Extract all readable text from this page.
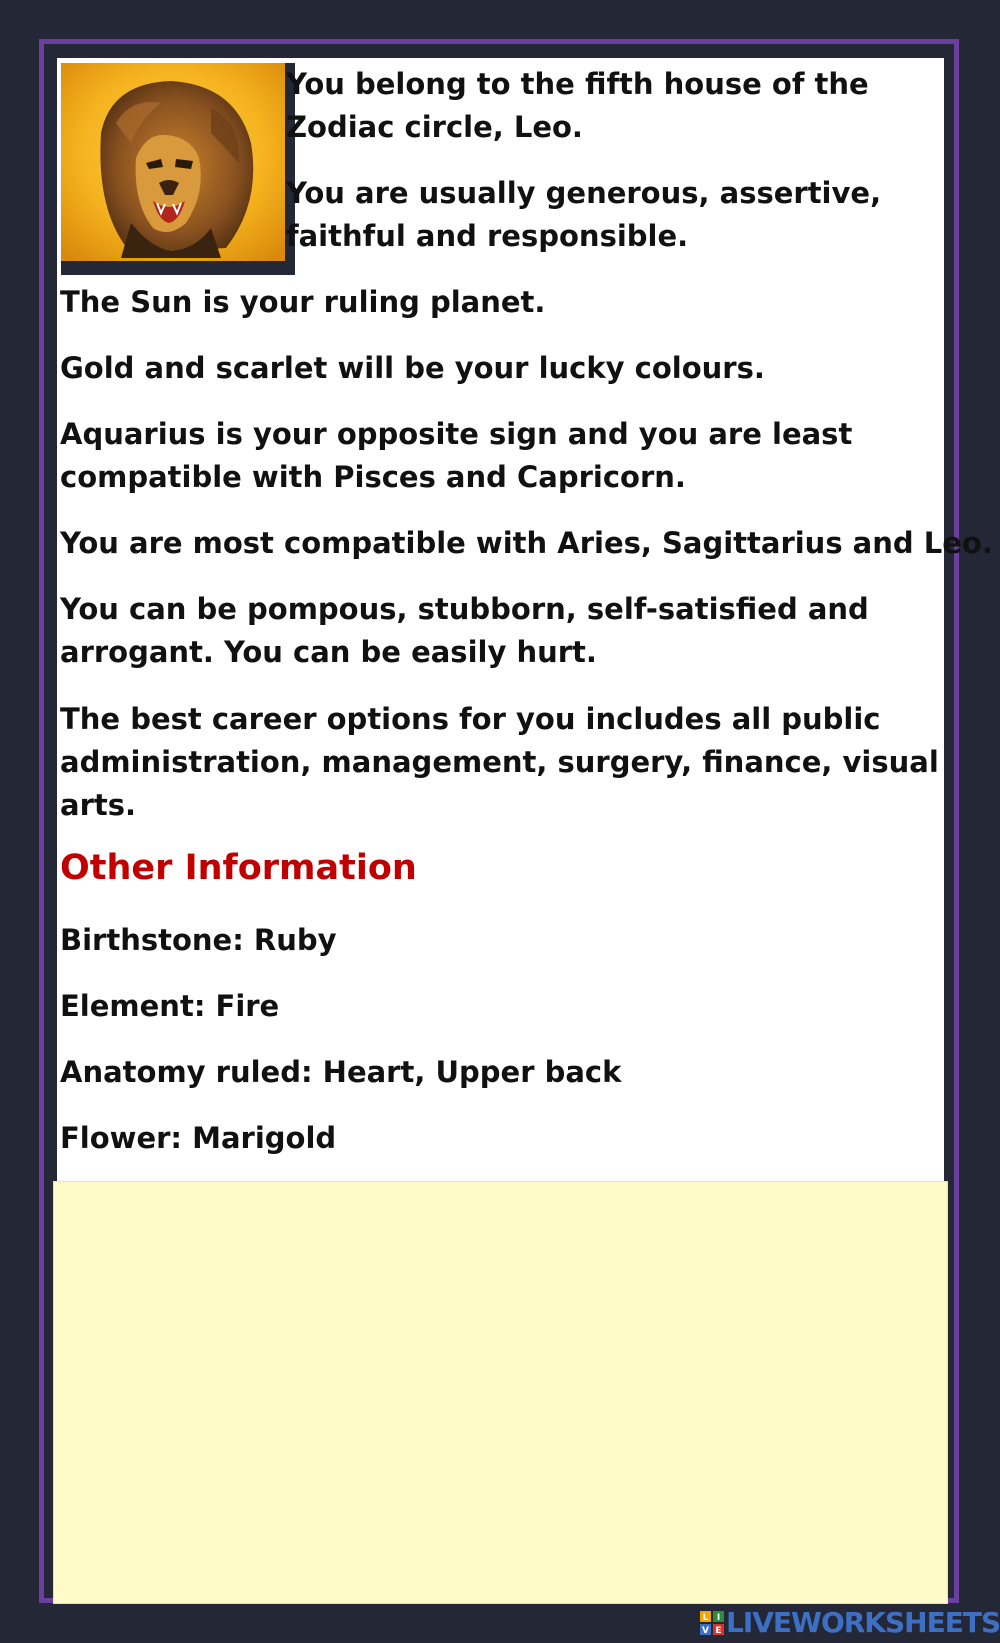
You belong to the fifth house of the
Zodiac circle, Leo.
You are usually generous, assertive,
faithful and responsible.
The Sun is your ruling planet.
Gold and scarlet will be your lucky colours.
Aquarius is your opposite sign and you are least
compatible with Pisces and Capricorn.
You are most compatible with Aries, Sagittarius and Leo.
You can be pompous, stubborn, self-satisfied and
arrogant. You can be easily hurt.
The best career options for you includes all public
administration, management, surgery, finance, visual
arts.
Other Information
Birthstone: Ruby
Element: Fire
Anatomy ruled: Heart, Upper back
Flower: Marigold
L I
V E LIVEWORKSHEETS
